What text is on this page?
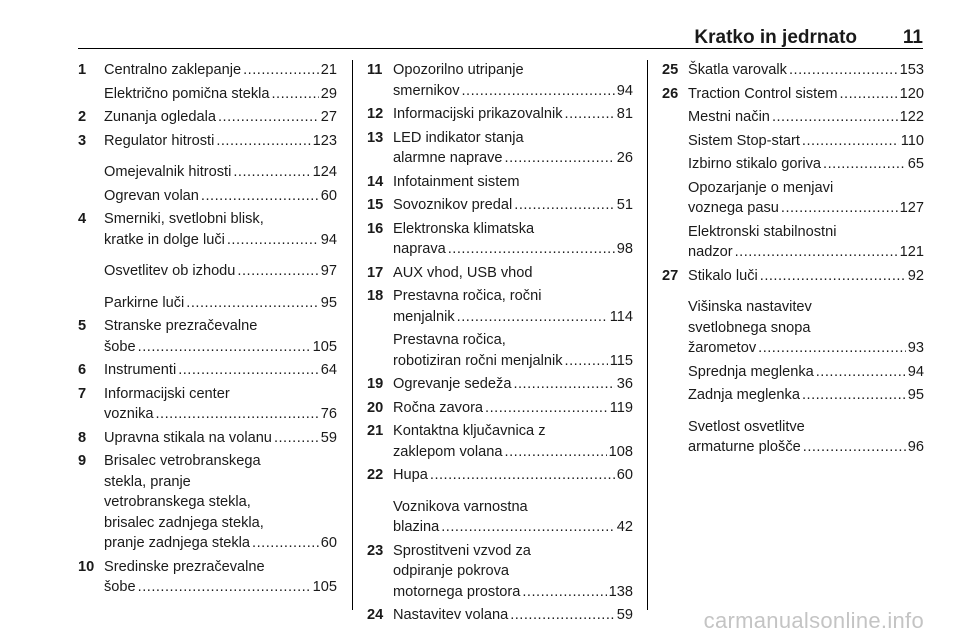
Kratko in jedrnato 11
1	Centralno zaklepanje .....	21
Električno pomična stekla .....	29
2	Zunanja ogledala .....	27
3	Regulator hitrosti .....	123
Omejevalnik hitrosti .....	124
Ogrevan volan .....	60
4	Smerniki, svetlobni blisk,
kratke in dolge luči .....	94
Osvetlitev ob izhodu .....	97
Parkirne luči .....	95
5	Stranske prezračevalne
šobe .....	105
6	Instrumenti .....	64
7	Informacijski center
voznika .....	76
8	Upravna stikala na volanu .....	59
9	Brisalec vetrobranskega
stekla, pranje
vetrobranskega stekla,
brisalec zadnjega stekla,
pranje zadnjega stekla .....	60
10 Sredinske prezračevalne
šobe .....	105
11 Opozorilno utripanje
smernikov .....	94
12 Informacijski prikazovalnik .....	81
13 LED indikator stanja
alarmne naprave .....	26
14 Infotainment sistem
15 Sovoznikov predal .....	51
16 Elektronska klimatska
naprava .....	98
17 AUX vhod, USB vhod
18 Prestavna ročica, ročni
menjalnik .....	114
Prestavna ročica,
robotiziran ročni menjalnik .....	115
19 Ogrevanje sedeža .....	36
20 Ročna zavora .....	119
21 Kontaktna ključavnica z
zaklepom volana .....	108
22 Hupa .....	60
Voznikova varnostna
blazina .....	42
23 Sprostitveni vzvod za
odpiranje pokrova
motornega prostora .....	138
24 Nastavitev volana .....	59
25 Škatla varovalk .....	153
26 Traction Control sistem .....	120
Mestni način .....	122
Sistem Stop-start .....	110
Izbirno stikalo goriva .....	65
Opozarjanje o menjavi
voznega pasu .....	127
Elektronski stabilnostni
nadzor .....	121
27 Stikalo luči .....	92
Višinska nastavitev
svetlobnega snopa
žarometov .....	93
Sprednja meglenka .....	94
Zadnja meglenka .....	95
Svetlost osvetlitve
armaturne plošče .....	96
carmanualsonline.info
